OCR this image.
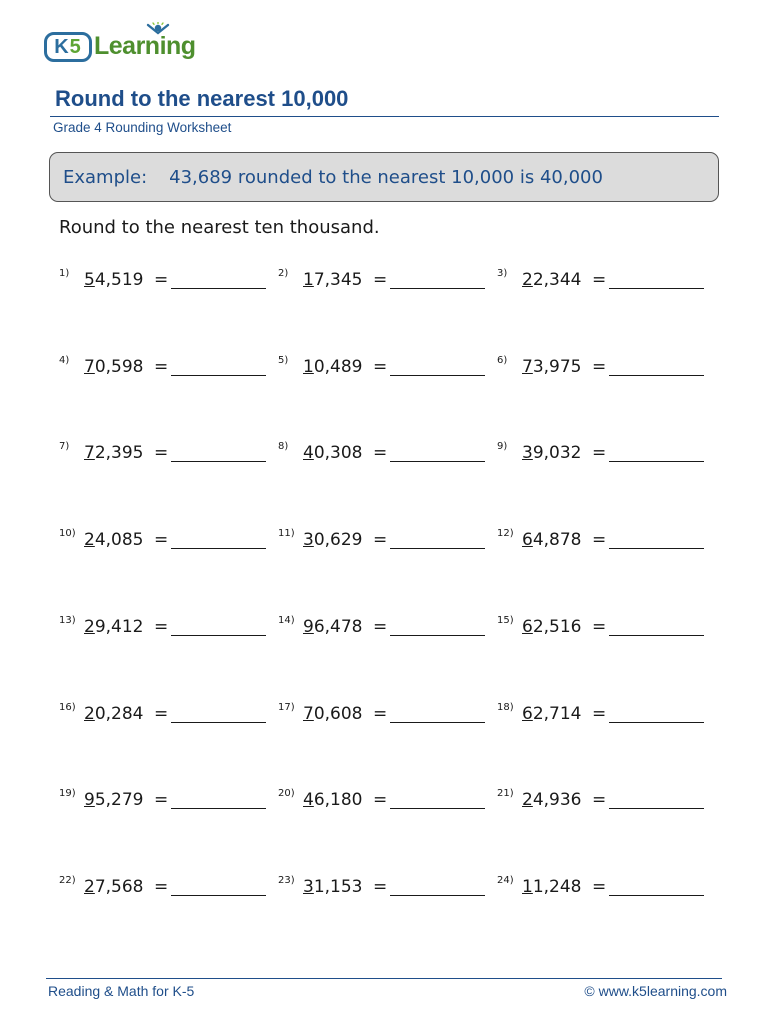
K 5 Learning
Round to the nearest 10,000
Grade 4 Rounding Worksheet
Example: 43,689 rounded to the nearest 10,000 is 40,000
Round to the nearest ten thousand.
1) 54,519 =	2) 17,345 =	3) 22,344 =
4) 70,598 =	5) 10,489 =	6) 73,975 =
7) 72,395 =	8) 40,308 =	9) 39,032 =
10) 24,085 =	11) 30,629 =	12) 64,878 =
13) 29,412 =	14) 96,478 =	15) 62,516 =
16) 20,284 =	17) 70,608 =	18) 62,714 =
19) 95,279 =	20) 46,180 =	21) 24,936 =
22) 27,568 =	23) 31,153 =	24) 11,248 =
Reading & Math for K-5	© www.k5learning.com
